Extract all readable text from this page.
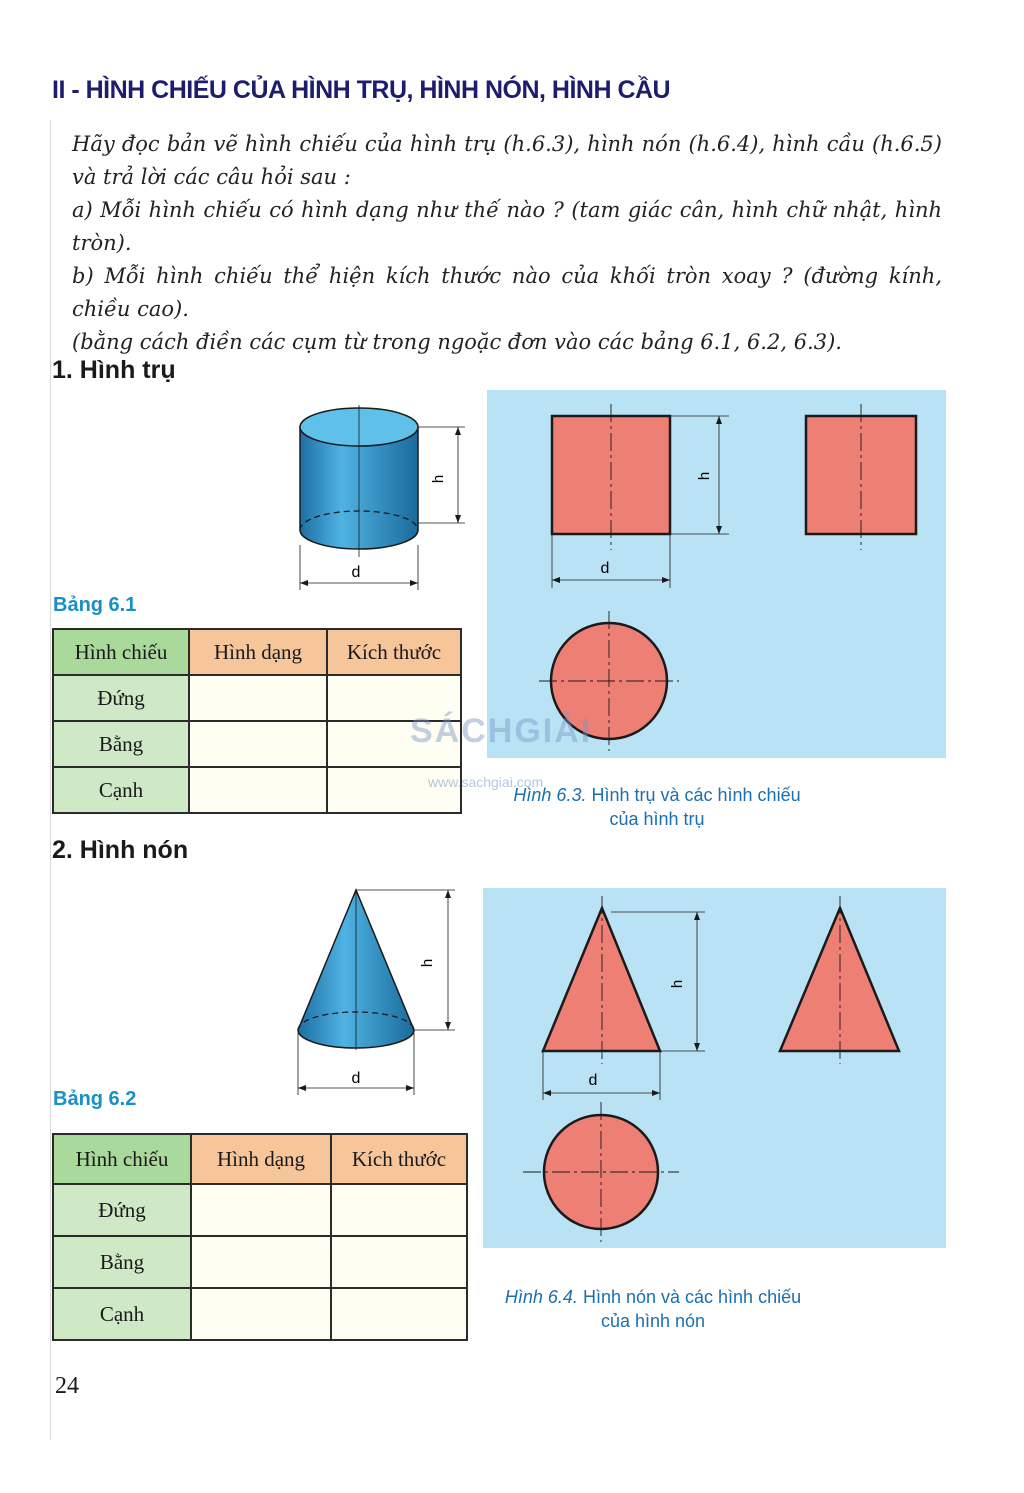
II - HÌNH CHIẾU CỦA HÌNH TRỤ, HÌNH NÓN, HÌNH CẦU

Hãy đọc bản vẽ hình chiếu của hình trụ (h.6.3), hình nón (h.6.4), hình cầu (h.6.5) và trả lời các câu hỏi sau :

a) Mỗi hình chiếu có hình dạng như thế nào ? (tam giác cân, hình chữ nhật, hình tròn).

b) Mỗi hình chiếu thể hiện kích thước nào của khối tròn xoay ? (đường kính, chiều cao).

(bằng cách điền các cụm từ trong ngoặc đơn vào các bảng 6.1, 6.2, 6.3).

1. Hình trụ
h
d
Bảng 6.1
Hình chiếu	Hình dạng	Kích thước
Đứng		
Bằng		
Cạnh		
h
d
Hình 6.3. Hình trụ và các hình chiếu
của hình trụ
2. Hình nón
h
d
Bảng 6.2
Hình chiếu	Hình dạng	Kích thước
Đứng		
Bằng		
Cạnh		
h
d
Hình 6.4. Hình nón và các hình chiếu
của hình nón
SÁCHGIẢI
www.sachgiai.com
24
